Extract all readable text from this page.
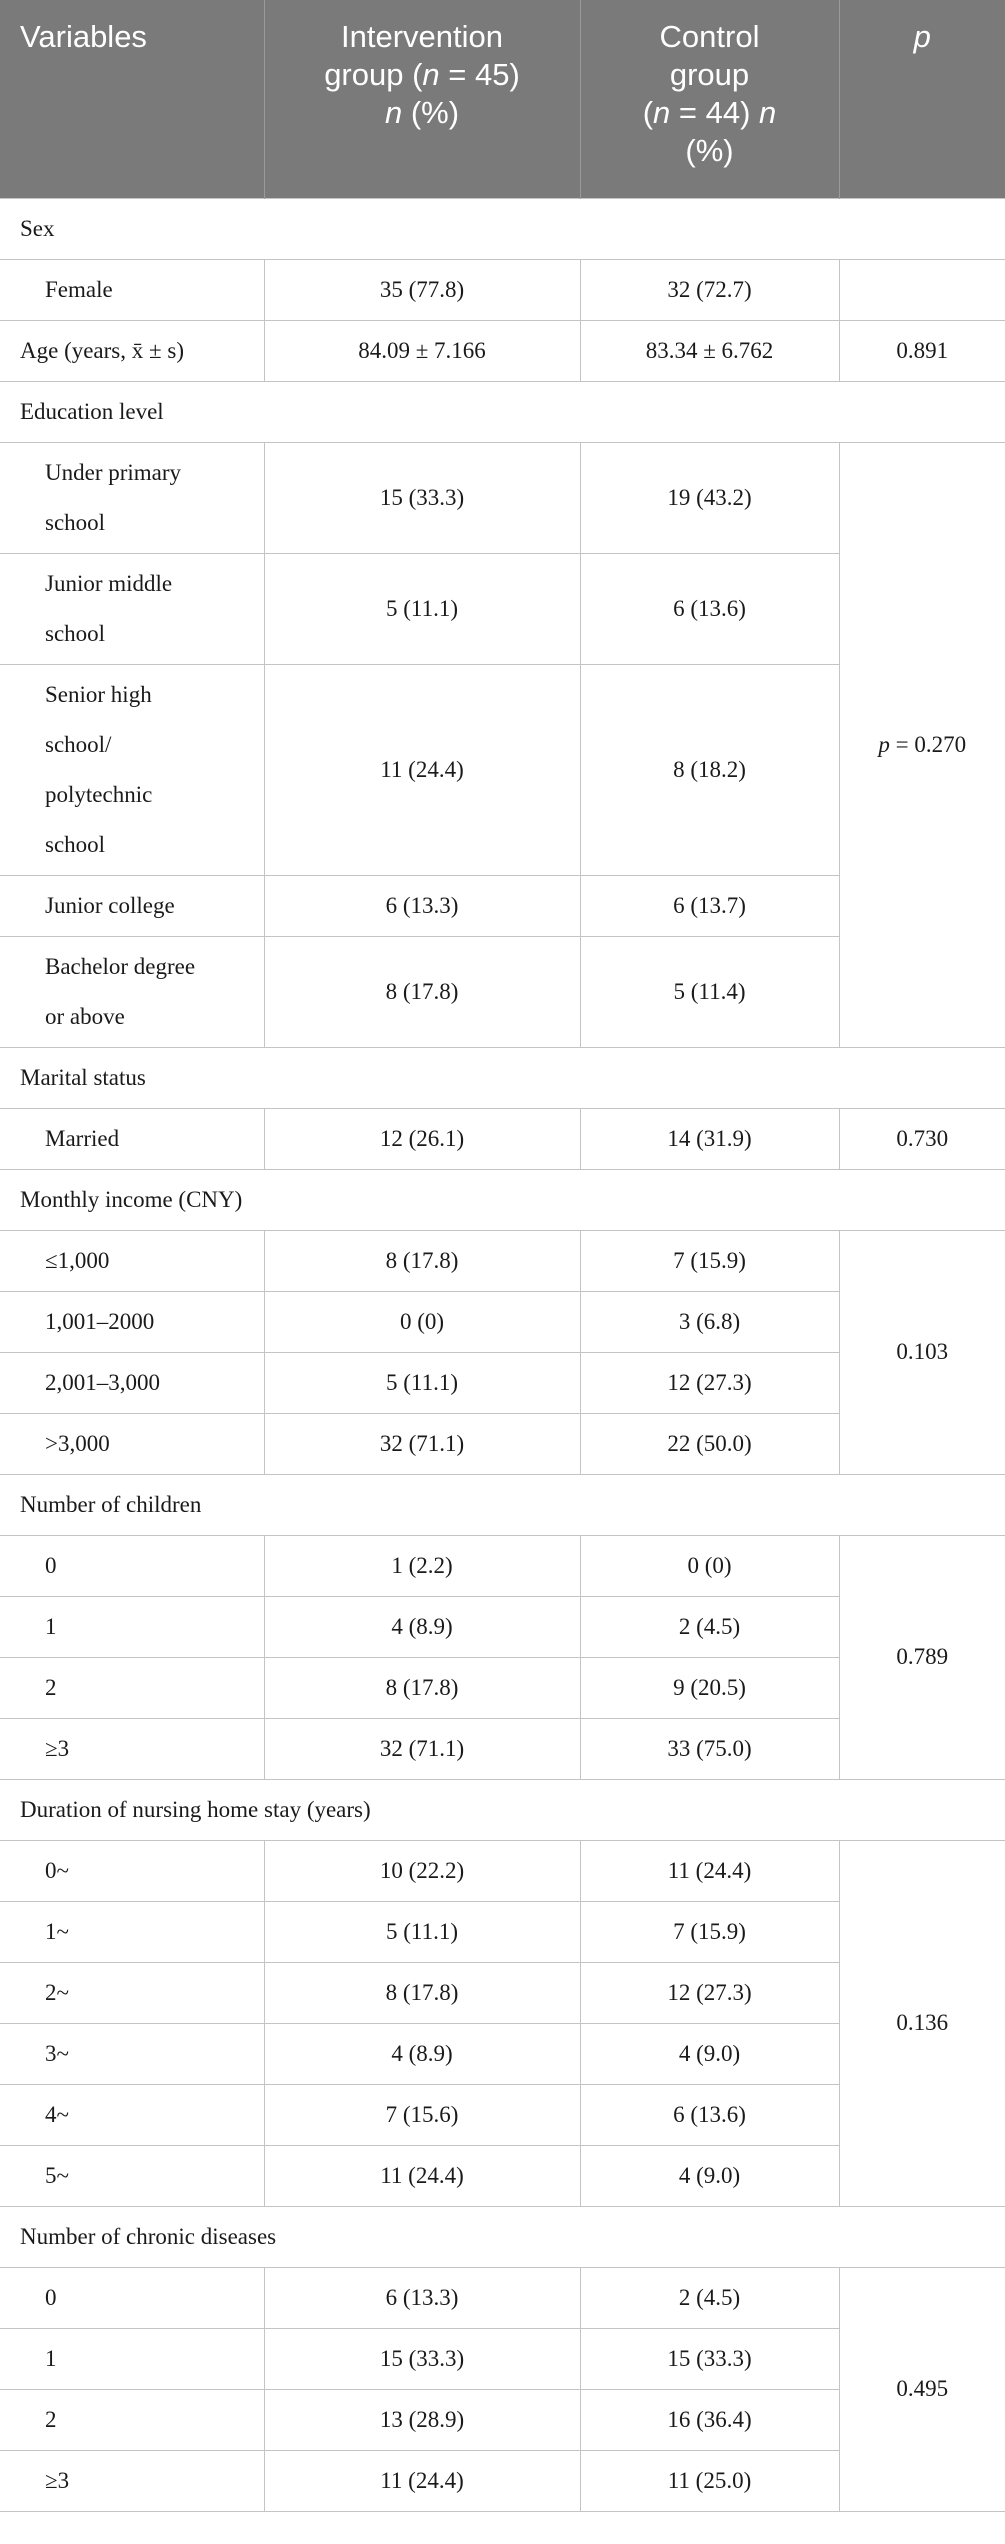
Variables	Intervention
group (n = 45)
n (%)	Control
group
(n = 44) n
(%)	p
Sex			
Female	35 (77.8)	32 (72.7)	
Age (years, x̄ ± s)	84.09 ± 7.166	83.34 ± 6.762	0.891
Education level			
Under primary
school	15 (33.3)	19 (43.2)	p = 0.270
Junior middle
school	5 (11.1)	6 (13.6)	
Senior high
school/
polytechnic
school	11 (24.4)	8 (18.2)	
Junior college	6 (13.3)	6 (13.7)	
Bachelor degree
or above	8 (17.8)	5 (11.4)	
Marital status			
Married	12 (26.1)	14 (31.9)	0.730
Monthly income (CNY)			
≤1,000	8 (17.8)	7 (15.9)	0.103
1,001–2000	0 (0)	3 (6.8)	
2,001–3,000	5 (11.1)	12 (27.3)	
>3,000	32 (71.1)	22 (50.0)	
Number of children			
0	1 (2.2)	0 (0)	0.789
1	4 (8.9)	2 (4.5)	
2	8 (17.8)	9 (20.5)	
≥3	32 (71.1)	33 (75.0)	
Duration of nursing home stay (years)			
0~	10 (22.2)	11 (24.4)	0.136
1~	5 (11.1)	7 (15.9)	
2~	8 (17.8)	12 (27.3)	
3~	4 (8.9)	4 (9.0)	
4~	7 (15.6)	6 (13.6)	
5~	11 (24.4)	4 (9.0)	
Number of chronic diseases			
0	6 (13.3)	2 (4.5)	0.495
1	15 (33.3)	15 (33.3)	
2	13 (28.9)	16 (36.4)	
≥3	11 (24.4)	11 (25.0)	
